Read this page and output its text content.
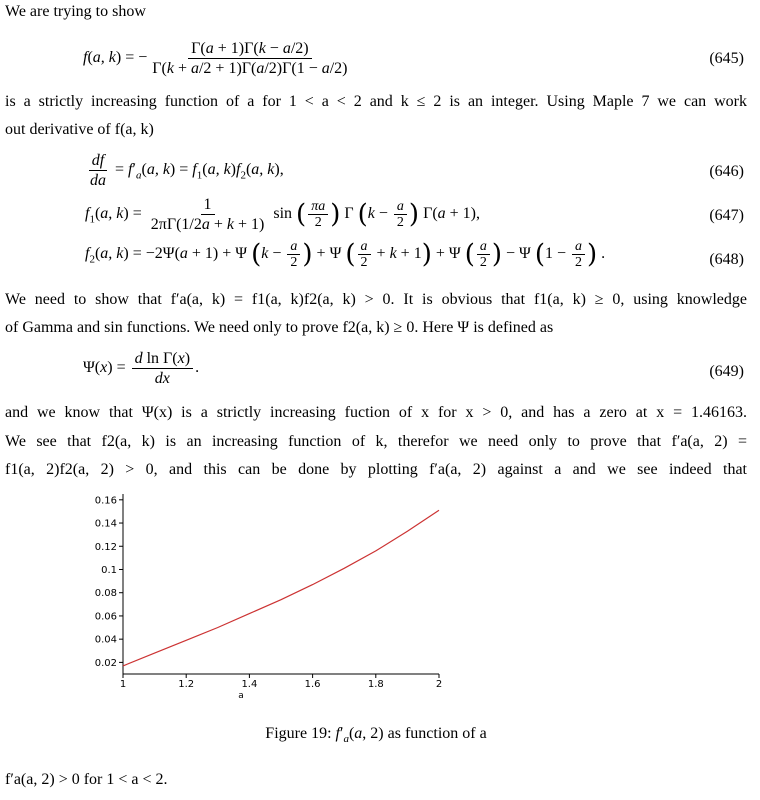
We are trying to show
f(a, k) = − $\frac{\Gamma(a + 1)\Gamma(k - a/2)}{\Gamma(k + a/2 + 1)\Gamma(a/2)\Gamma(1 - a/2)}$	(645)
is a strictly increasing function of a for 1 < a < 2 and k ≤ 2 is an integer. Using Maple 7 we can work
out derivative of f(a, k)
$\frac{df}{da} = f'_a(a$, $k) = f_1(a$, $k)f_2(a$, k),	(646)
$f_1(a$, $k) = \frac{1}{2\pi\Gamma(1/2a + k + 1)}$ sin ( $\frac{\pi a}{2}$ ) Γ ($k - \frac{a}{2}$ ) Γ(a + 1),	(647)
$f_2(a$, k) = −2Ψ(a + 1) + Ψ ($k - \frac{a}{2}$ ) + Ψ ( $\frac{a}{2} + k + 1) + \Psi$ ( $\frac{a}{2}$ ) − Ψ ($1 - \frac{a}{2}$ ) .	(648)
We need to show that f′a(a, k) = f1(a, k)f2(a, k) > 0. It is obvious that f1(a, k) ≥ 0, using knowledge
of Gamma and sin functions. We need only to prove f2(a, k) ≥ 0. Here Ψ is defined as
$\Psi(x) = \frac{\text{d ln Γ(x)}}{dx}$ .	(649)
and we know that Ψ(x) is a strictly increasing fuction of x for x > 0, and has a zero at x = 1.46163.
We see that f2(a, k) is an increasing function of k, therefor we need only to prove that f′a(a, 2) =
f1(a, 2)f2(a, 2) > 0, and this can be done by plotting f′a(a, 2) against a and we see indeed that
0.02
0.04
0.06
0.08
0.1
0.12
0.14
0.16
1	1.2	1.4	1.6	1.8	2
a
Figure 19: $f'_a(a$, 2) as function of a
f′a(a, 2) > 0 for 1 < a < 2.
